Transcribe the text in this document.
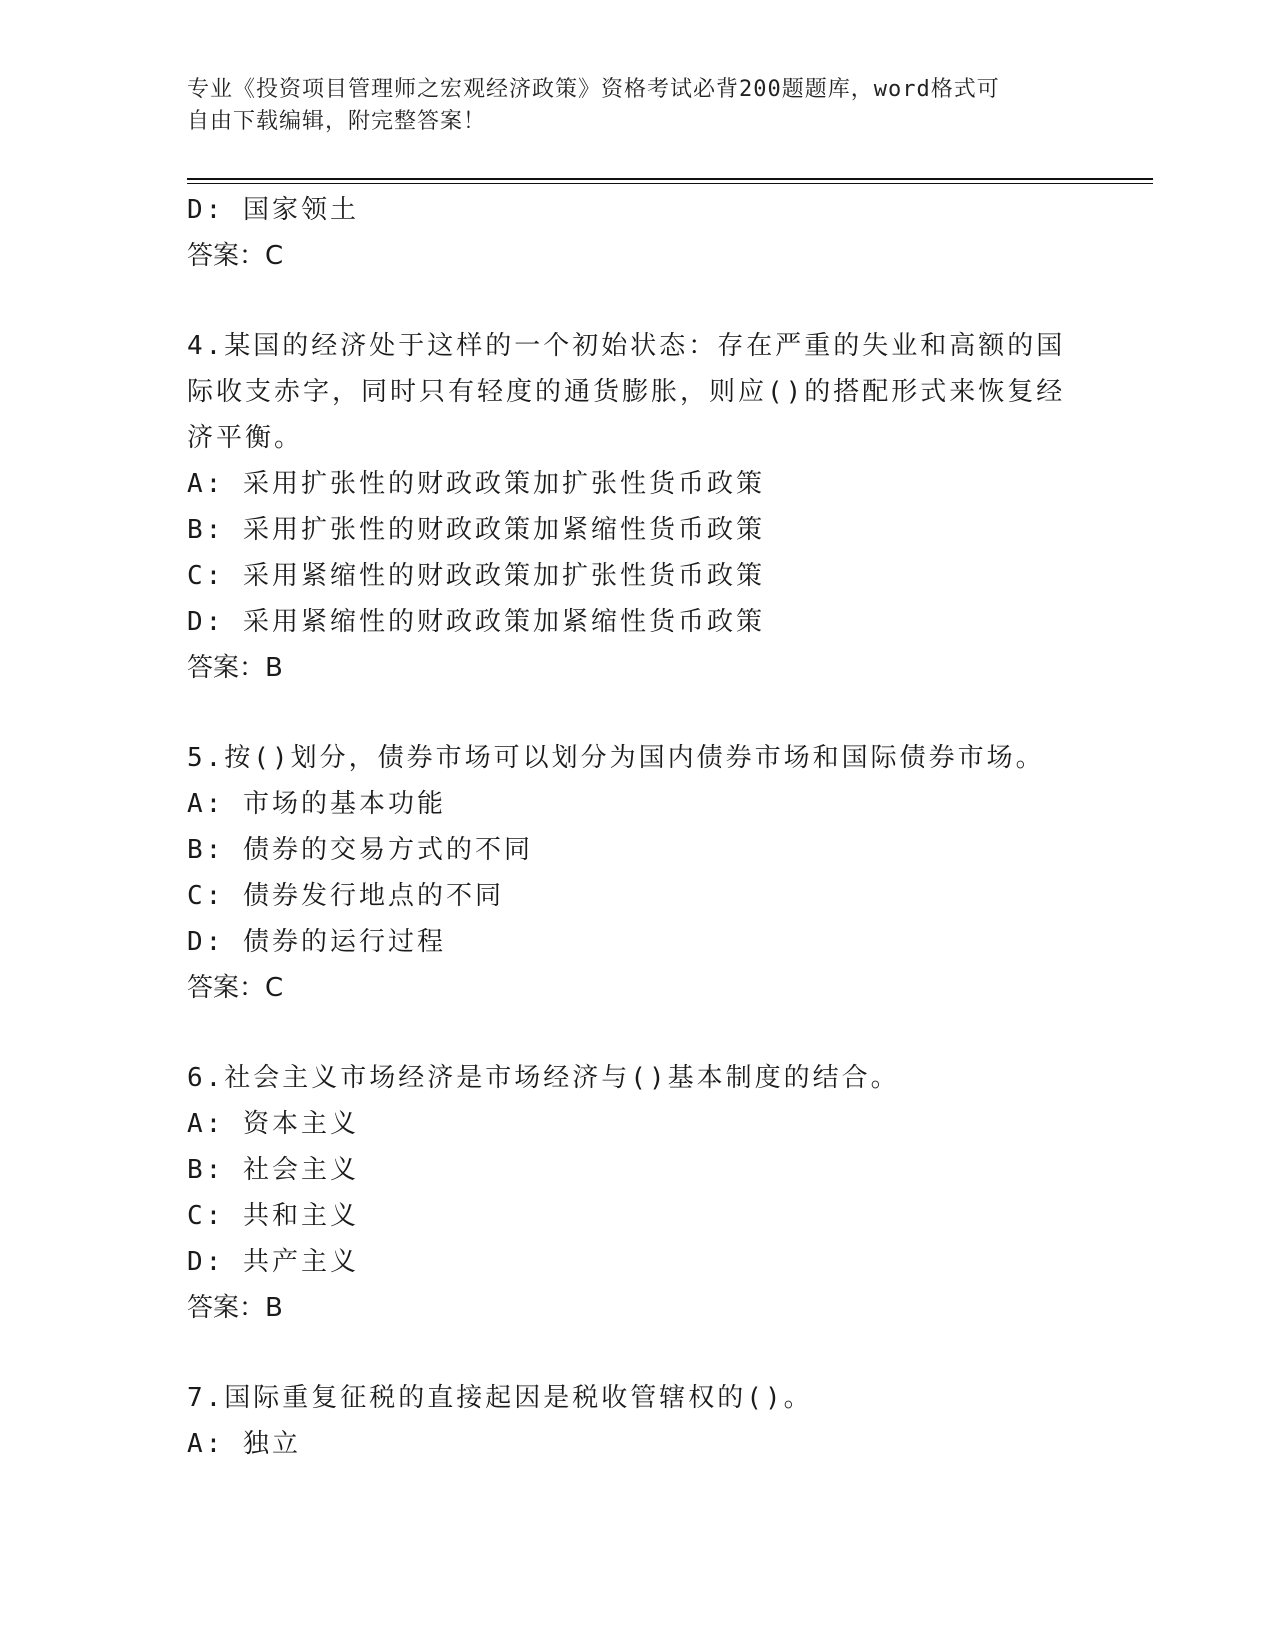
专业《投资项目管理师之宏观经济政策》资格考试必背200题题库，word格式可
自由下载编辑，附完整答案！
D: 国家领土
答案：C
4.某国的经济处于这样的一个初始状态：存在严重的失业和高额的国
际收支赤字，同时只有轻度的通货膨胀，则应()的搭配形式来恢复经
济平衡。
A: 采用扩张性的财政政策加扩张性货币政策
B: 采用扩张性的财政政策加紧缩性货币政策
C: 采用紧缩性的财政政策加扩张性货币政策
D: 采用紧缩性的财政政策加紧缩性货币政策
答案：B
5.按()划分，债券市场可以划分为国内债券市场和国际债券市场。
A: 市场的基本功能
B: 债券的交易方式的不同
C: 债券发行地点的不同
D: 债券的运行过程
答案：C
6.社会主义市场经济是市场经济与()基本制度的结合。
A: 资本主义
B: 社会主义
C: 共和主义
D: 共产主义
答案：B
7.国际重复征税的直接起因是税收管辖权的()。
A: 独立
